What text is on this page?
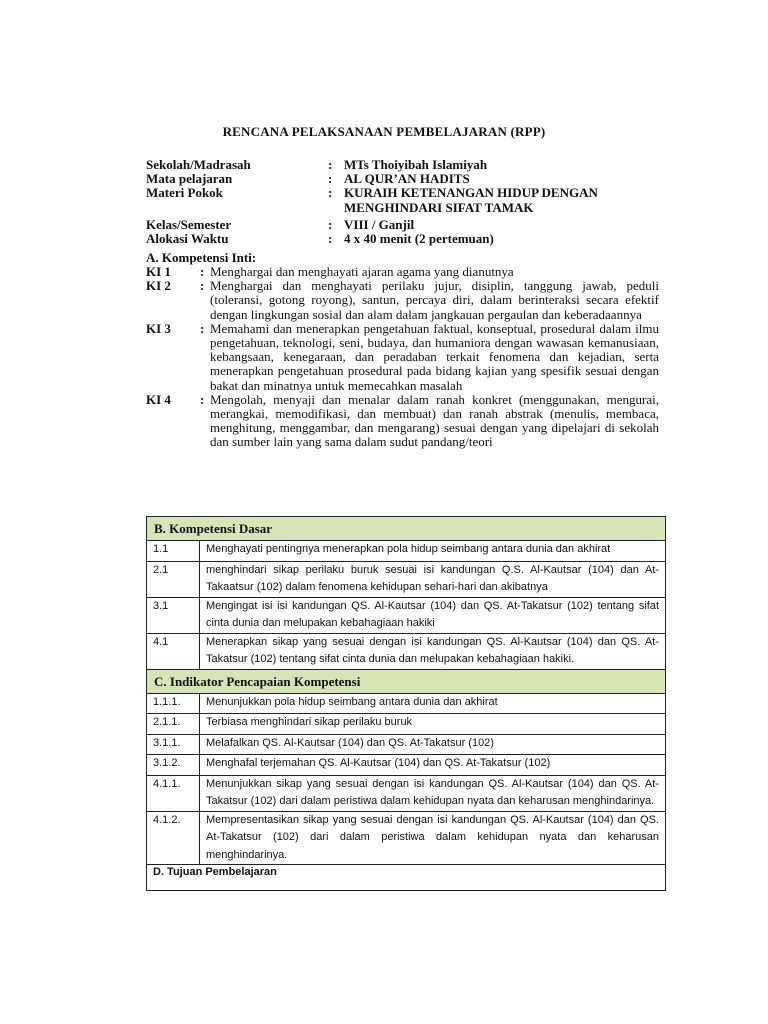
RENCANA PELAKSANAAN PEMBELAJARAN (RPP)
Sekolah/Madrasah	: MTs Thoiyibah Islamiyah
Mata pelajaran	: AL QUR’AN HADITS
Materi Pokok	: KURAIH KETENANGAN HIDUP DENGAN
MENGHINDARI SIFAT TAMAK
Kelas/Semester	: VIII / Ganjil
Alokasi Waktu	: 4 x 40 menit (2 pertemuan)
A. Kompetensi Inti:
KI 1	: Menghargai dan menghayati ajaran agama yang dianutnya
KI 2	: Menghargai dan menghayati perilaku jujur, disiplin, tanggung jawab, peduli (toleransi, gotong royong), santun, percaya diri, dalam berinteraksi secara efektif dengan lingkungan sosial dan alam dalam jangkauan pergaulan dan keberadaannya
KI 3	: Memahami dan menerapkan pengetahuan faktual, konseptual, prosedural dalam ilmu pengetahuan, teknologi, seni, budaya, dan humaniora dengan wawasan kemanusiaan, kebangsaan, kenegaraan, dan peradaban terkait fenomena dan kejadian, serta menerapkan pengetahuan prosedural pada bidang kajian yang spesifik sesuai dengan bakat dan minatnya untuk memecahkan masalah
KI 4	: Mengolah, menyaji dan menalar dalam ranah konkret (menggunakan, mengurai, merangkai, memodifikasi, dan membuat) dan ranah abstrak (menulis, membaca, menghitung, menggambar, dan mengarang) sesuai dengan yang dipelajari di sekolah dan sumber lain yang sama dalam sudut pandang/teori
B. Kompetensi Dasar	
1.1	Menghayati pentingnya menerapkan pola hidup seimbang antara dunia dan akhirat
2.1	menghindari sikap perilaku buruk sesuai isi kandungan Q.S. Al-Kautsar (104) dan At-Takaatsur (102) dalam fenomena kehidupan sehari-hari dan akibatnya
3.1	Mengingat isi isi kandungan QS. Al-Kautsar (104) dan QS. At-Takatsur (102) tentang sifat cinta dunia dan melupakan kebahagiaan hakiki
4.1	Menerapkan sikap yang sesuai dengan isi kandungan QS. Al-Kautsar (104) dan QS. At-Takatsur (102) tentang sifat cinta dunia dan melupakan kebahagiaan hakiki.
C. Indikator Pencapaian Kompetensi	
1.1.1.	Menunjukkan pola hidup seimbang antara dunia dan akhirat
2.1.1.	Terbiasa menghindari sikap perilaku buruk
3.1.1.	Melafalkan QS. Al-Kautsar (104) dan QS. At-Takatsur (102)
3.1.2.	Menghafal terjemahan QS. Al-Kautsar (104) dan QS. At-Takatsur (102)
4.1.1.	Menunjukkan sikap yang sesuai dengan isi kandungan QS. Al-Kautsar (104) dan QS. At-Takatsur (102) dari dalam peristiwa dalam kehidupan nyata dan keharusan menghindarinya.
4.1.2.	Mempresentasikan sikap yang sesuai dengan isi kandungan QS. Al-Kautsar (104) dan QS. At-Takatsur (102) dari dalam peristiwa dalam kehidupan nyata dan keharusan menghindarinya.
D. Tujuan Pembelajaran	
